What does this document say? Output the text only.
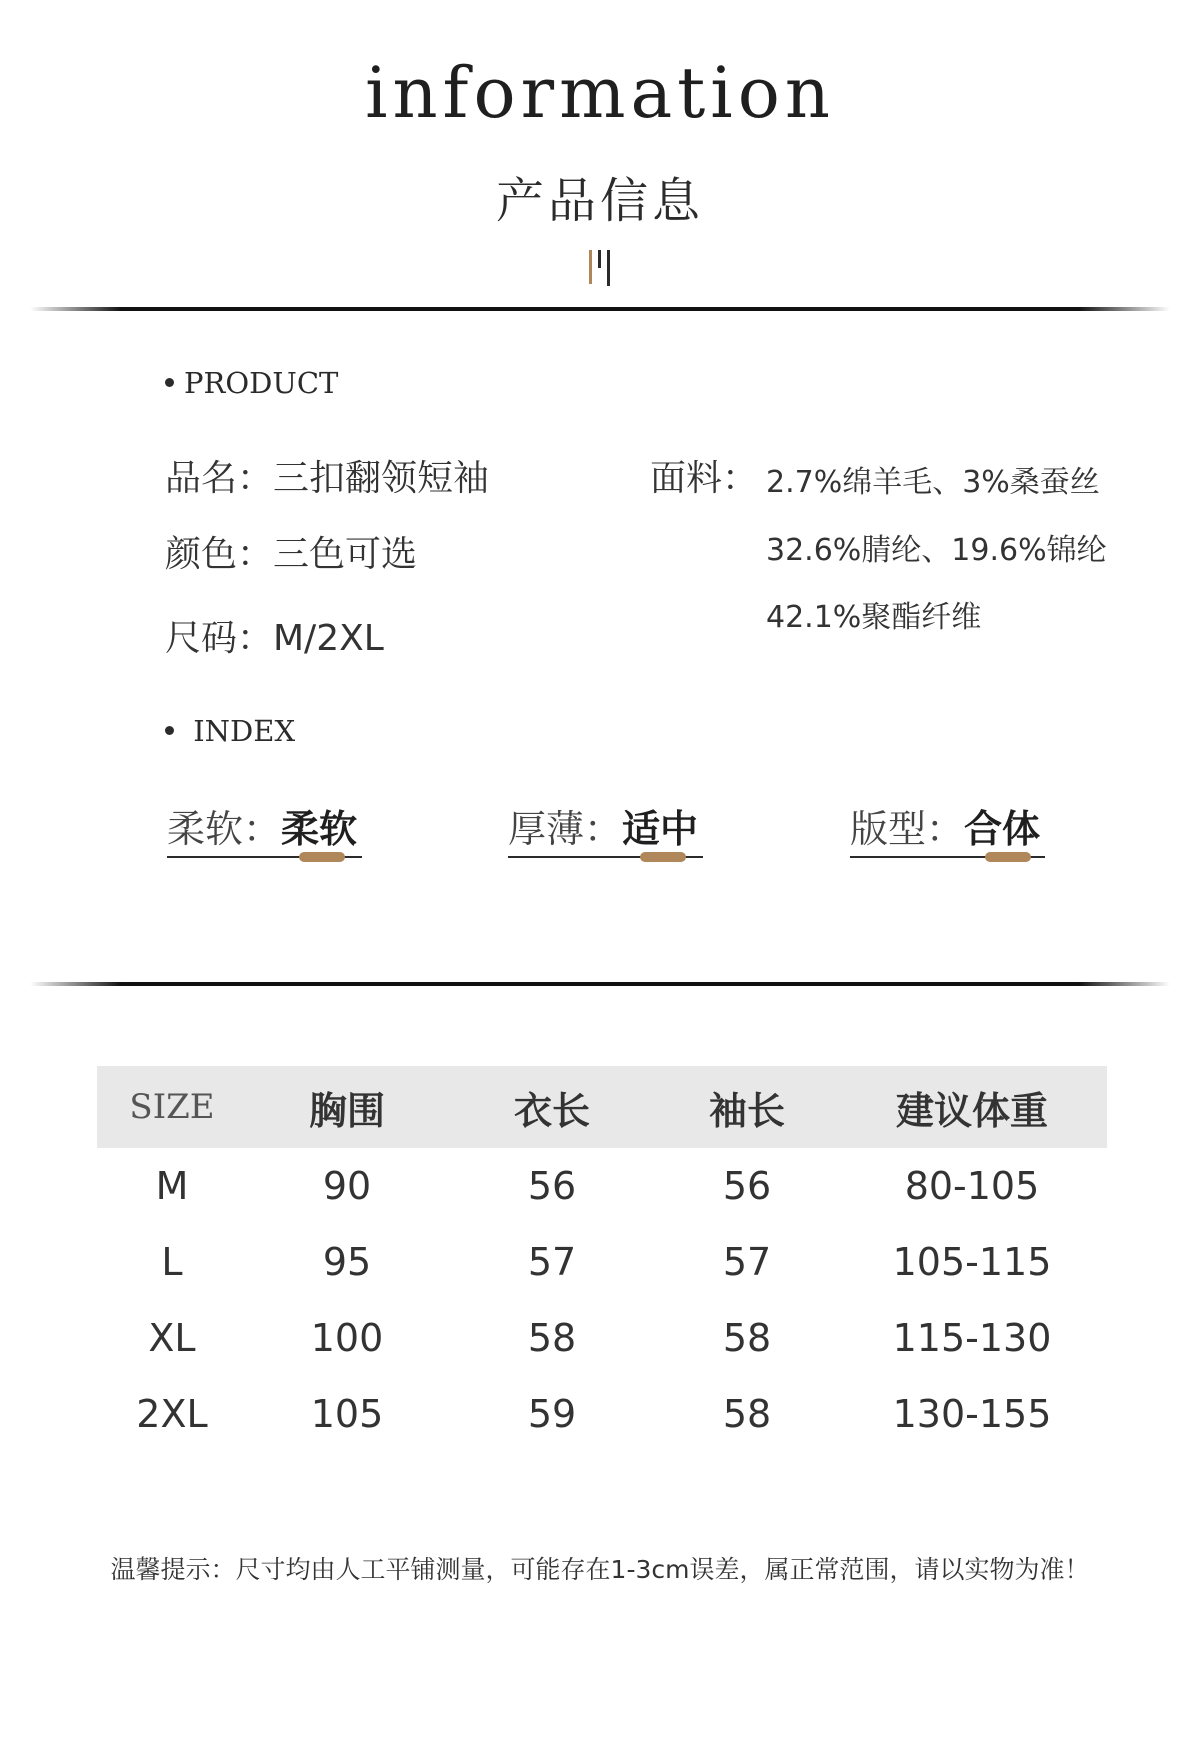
information
产品信息
PRODUCT
品名：三扣翻领短袖
颜色：三色可选
尺码：M/2XL
面料： 2.7%绵羊毛、3%桑蚕丝
32.6%腈纶、19.6%锦纶
42.1%聚酯纤维
INDEX
柔软：柔软	厚薄：适中	版型：合体
SIZE	胸围	衣长	袖长	建议体重
M	90	56	56	80-105
L	95	57	57	105-115
XL	100	58	58	115-130
2XL	105	59	58	130-155
温馨提示：尺寸均由人工平铺测量，可能存在1-3cm误差，属正常范围，请以实物为准！
